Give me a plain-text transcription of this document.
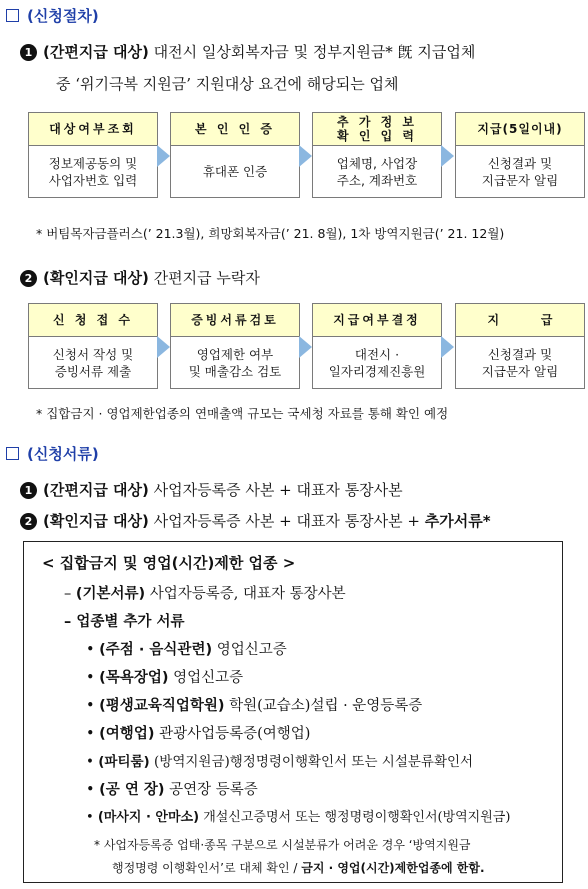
(신청절차)
1 (간편지급 대상) 대전시 일상회복자금 및 정부지원금* 旣 지급업체
중 ‘위기극복 지원금’ 지원대상 요건에 해당되는 업체
대상여부조회
정보제공동의 및
사업자번호 입력
본 인 인 증
휴대폰 인증
추 가 정 보
확 인 입 력
업체명, 사업장
주소, 계좌번호
지급(5일이내)
신청결과 및
지급문자 알림
* 버팀목자금플러스(’ 21.3월), 희망회복자금(’ 21. 8월), 1차 방역지원금(’ 21. 12월)
2 (확인지급 대상) 간편지급 누락자
신 청 접 수
신청서 작성 및
증빙서류 제출
증빙서류검토
영업제한 여부
및 매출감소 검토
지급여부결정
대전시 ·
일자리경제진흥원
지          급
신청결과 및
지급문자 알림
* 집합금지 · 영업제한업종의 연매출액 규모는 국세청 자료를 통해 확인 예정
(신청서류)
1 (간편지급 대상) 사업자등록증 사본 + 대표자 통장사본
2 (확인지급 대상) 사업자등록증 사본 + 대표자 통장사본 + 추가서류*
< 집합금지 및 영업(시간)제한 업종 >
– (기본서류) 사업자등록증, 대표자 통장사본
– 업종별 추가 서류
• (주점 · 음식관련) 영업신고증
• (목욕장업) 영업신고증
• (평생교육직업학원) 학원(교습소)설립 · 운영등록증
• (여행업) 관광사업등록증(여행업)
• (파티룸) (방역지원금)행정명령이행확인서 또는 시설분류확인서
• (공 연 장) 공연장 등록증
• (마사지 · 안마소) 개설신고증명서 또는 행정명령이행확인서(방역지원금)
* 사업자등록증 업태·종목 구분으로 시설분류가 어려운 경우 ‘방역지원금
행정명령 이행확인서’로 대체 확인 / 금지 · 영업(시간)제한업종에 한함.
